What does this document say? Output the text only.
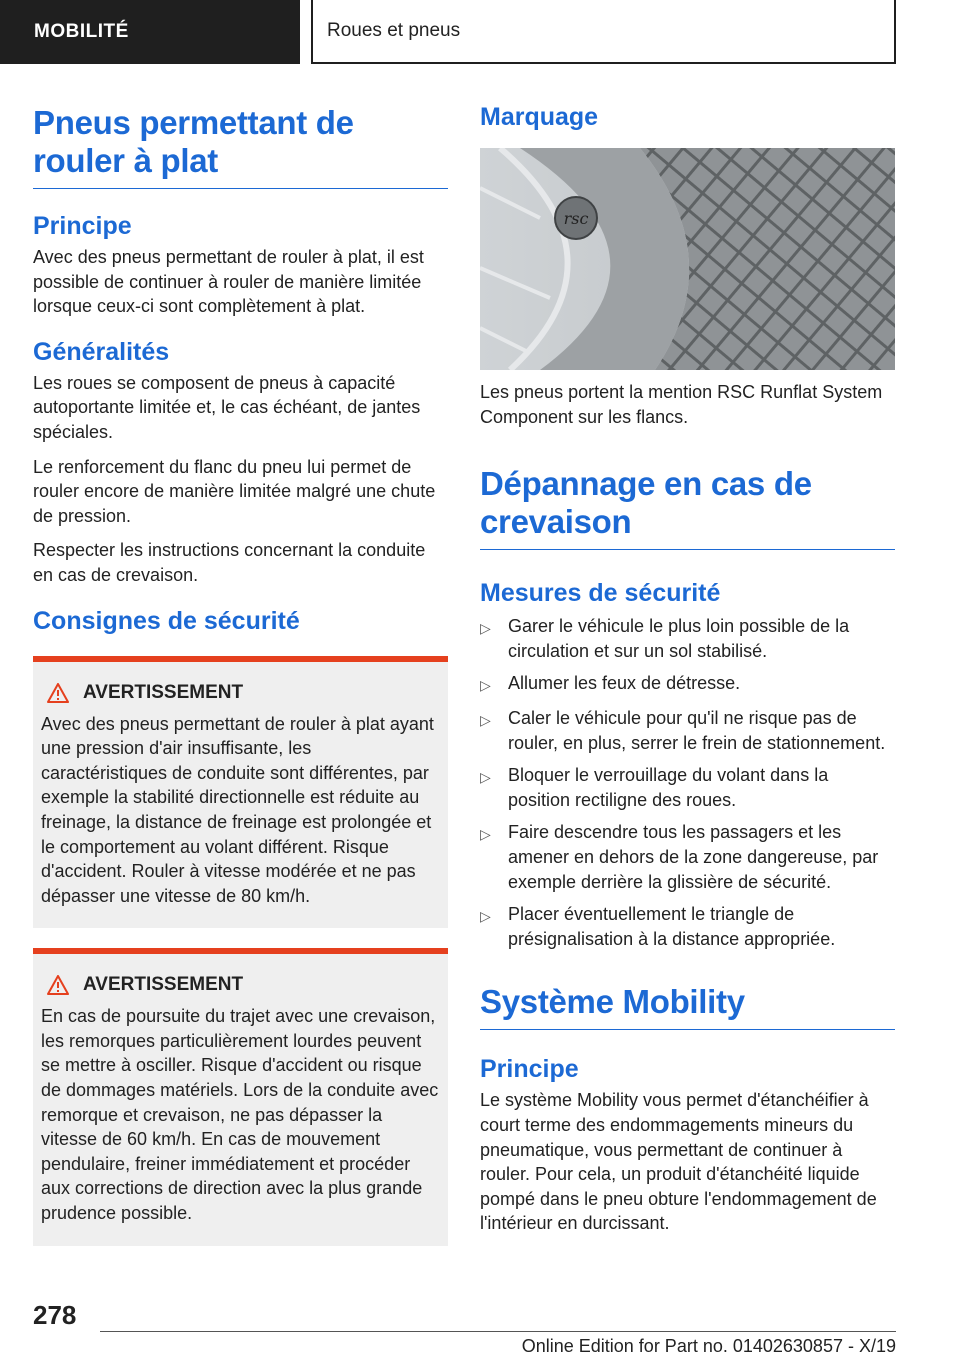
MOBILITÉ	Roues et pneus
Pneus permettant de rouler à plat
Principe

Avec des pneus permettant de rouler à plat, il est possible de continuer à rouler de manière limitée lorsque ceux-ci sont complètement à plat.

Généralités

Les roues se composent de pneus à capacité autoportante limitée et, le cas échéant, de jantes spéciales.

Le renforcement du flanc du pneu lui permet de rouler encore de manière limitée malgré une chute de pression.

Respecter les instructions concernant la conduite en cas de crevaison.

Consignes de sécurité
AVERTISSEMENT

Avec des pneus permettant de rouler à plat ayant une pression d'air insuffisante, les caractéristiques de conduite sont différentes, par exemple la stabilité directionnelle est réduite au freinage, la distance de freinage est prolongée et le comportement au volant différent. Risque d'accident. Rouler à vitesse modérée et ne pas dépasser une vitesse de 80 km/h.

AVERTISSEMENT

En cas de poursuite du trajet avec une crevaison, les remorques particulièrement lourdes peuvent se mettre à osciller. Risque d'accident ou risque de dommages matériels. Lors de la conduite avec remorque et crevaison, ne pas dépasser la vitesse de 60 km/h. En cas de mouvement pendulaire, freiner immédiatement et procéder aux corrections de direction avec la plus grande prudence possible.

Marquage
rsc

Les pneus portent la mention RSC Runflat System Component sur les flancs.

Dépannage en cas de crevaison
Mesures de sécurité
▷ Garer le véhicule le plus loin possible de la circulation et sur un sol stabilisé.
▷ Allumer les feux de détresse.
▷ Caler le véhicule pour qu'il ne risque pas de rouler, en plus, serrer le frein de stationnement.
▷ Bloquer le verrouillage du volant dans la position rectiligne des roues.
▷ Faire descendre tous les passagers et les amener en dehors de la zone dangereuse, par exemple derrière la glissière de sécurité.
▷ Placer éventuellement le triangle de présignalisation à la distance appropriée.
Système Mobility
Principe

Le système Mobility vous permet d'étanchéifier à court terme des endommagements mineurs du pneumatique, vous permettant de continuer à rouler. Pour cela, un produit d'étanchéité liquide pompé dans le pneu obture l'endommagement de l'intérieur en durcissant.

278
Online Edition for Part no. 01402630857 - X/19
